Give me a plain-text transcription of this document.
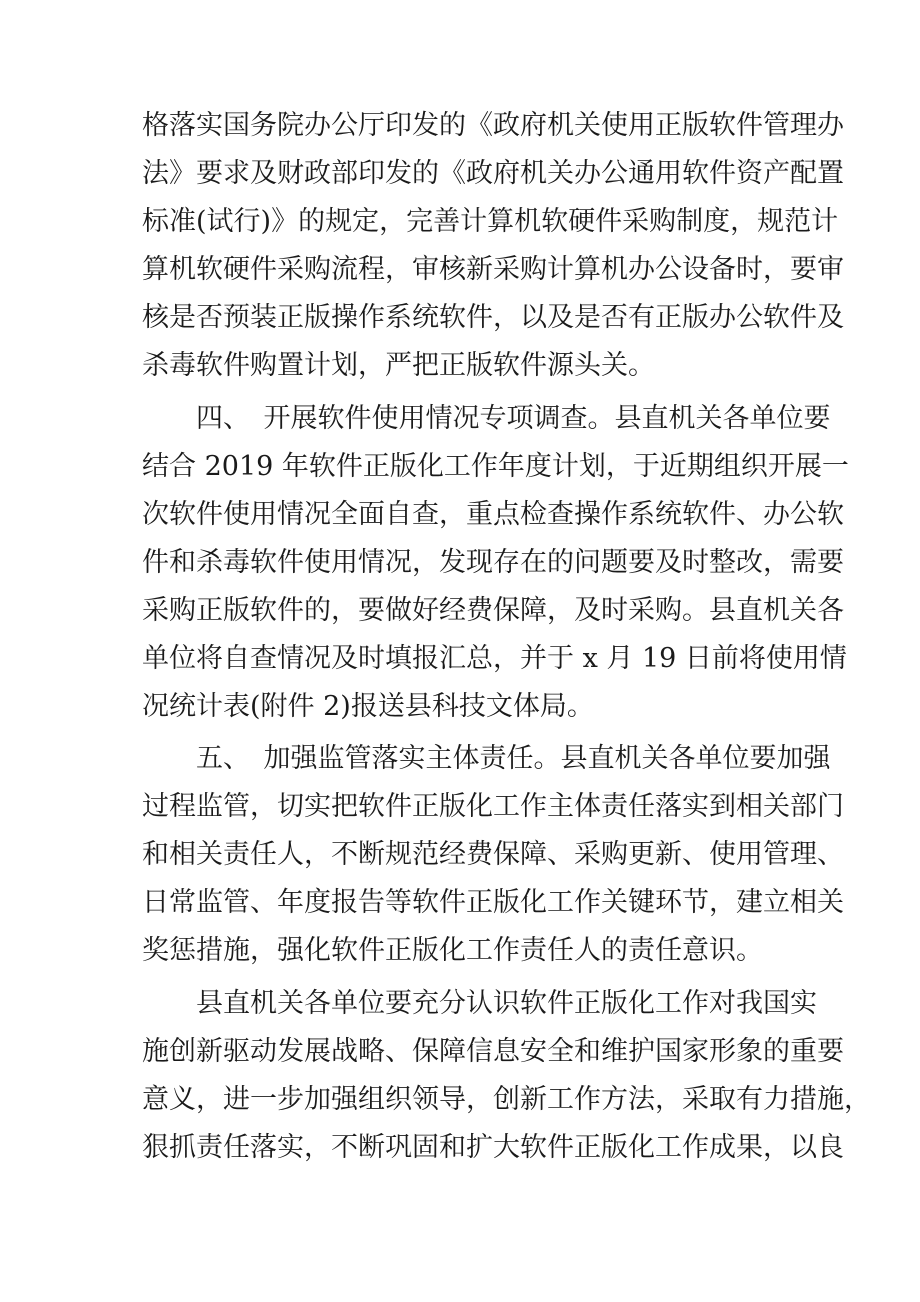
格落实国务院办公厅印发的《政府机关使用正版软件管理办
法》要求及财政部印发的《政府机关办公通用软件资产配置
标准(试行)》的规定，完善计算机软硬件采购制度，规范计
算机软硬件采购流程，审核新采购计算机办公设备时，要审
核是否预装正版操作系统软件，以及是否有正版办公软件及
杀毒软件购置计划，严把正版软件源头关。
　　四、　开展软件使用情况专项调查。县直机关各单位要
结合 2019 年软件正版化工作年度计划，于近期组织开展一
次软件使用情况全面自查，重点检查操作系统软件、办公软
件和杀毒软件使用情况，发现存在的问题要及时整改，需要
采购正版软件的，要做好经费保障，及时采购。县直机关各
单位将自查情况及时填报汇总，并于 x 月 19 日前将使用情
况统计表(附件 2)报送县科技文体局。
　　五、　加强监管落实主体责任。县直机关各单位要加强
过程监管，切实把软件正版化工作主体责任落实到相关部门
和相关责任人，不断规范经费保障、采购更新、使用管理、
日常监管、年度报告等软件正版化工作关键环节，建立相关
奖惩措施，强化软件正版化工作责任人的责任意识。
　　县直机关各单位要充分认识软件正版化工作对我国实
施创新驱动发展战略、保障信息安全和维护国家形象的重要
意义，进一步加强组织领导，创新工作方法，采取有力措施，
狠抓责任落实，不断巩固和扩大软件正版化工作成果，以良
